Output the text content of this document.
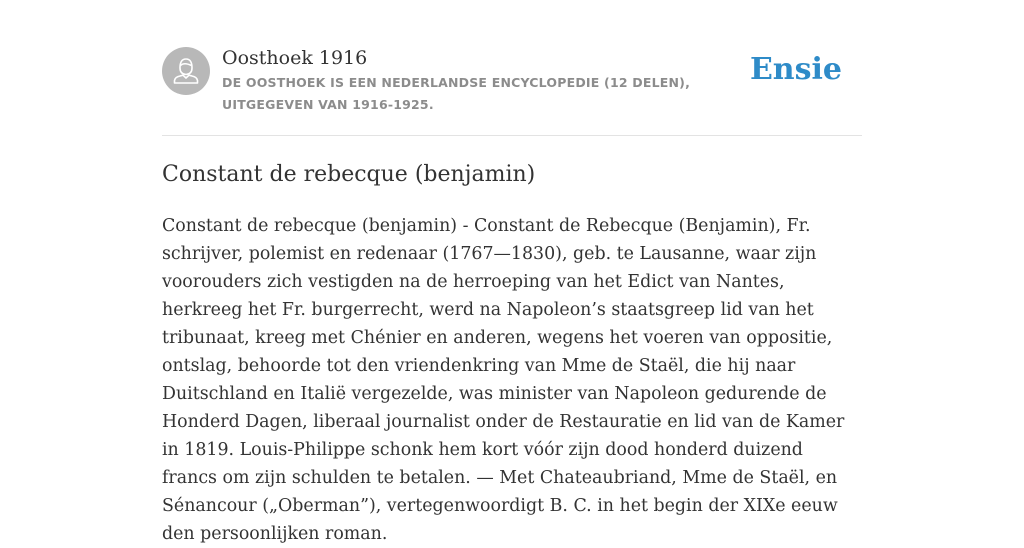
Oosthoek 1916
DE OOSTHOEK IS EEN NEDERLANDSE ENCYCLOPEDIE (12 DELEN), UITGEGEVEN VAN 1916-1925.
Ensie
Constant de rebecque (benjamin)

Constant de rebecque (benjamin) - Constant de Rebecque (Benjamin), Fr. schrijver, polemist en redenaar (1767—1830), geb. te Lausanne, waar zijn voorouders zich vestigden na de herroeping van het Edict van Nantes, herkreeg het Fr. burgerrecht, werd na Napoleon’s staatsgreep lid van het tribunaat, kreeg met Chénier en anderen, wegens het voeren van oppositie, ontslag, behoorde tot den vriendenkring van Mme de Staël, die hij naar Duitschland en Italië vergezelde, was minister van Napoleon gedurende de Honderd Dagen, liberaal journalist onder de Restauratie en lid van de Kamer in 1819. Louis-Philippe schonk hem kort vóór zijn dood honderd duizend francs om zijn schulden te betalen. — Met Chateaubriand, Mme de Staël, en Sénancour („Oberman”), vertegenwoordigt B. C. in het begin der XIXe eeuw den persoonlijken roman.
